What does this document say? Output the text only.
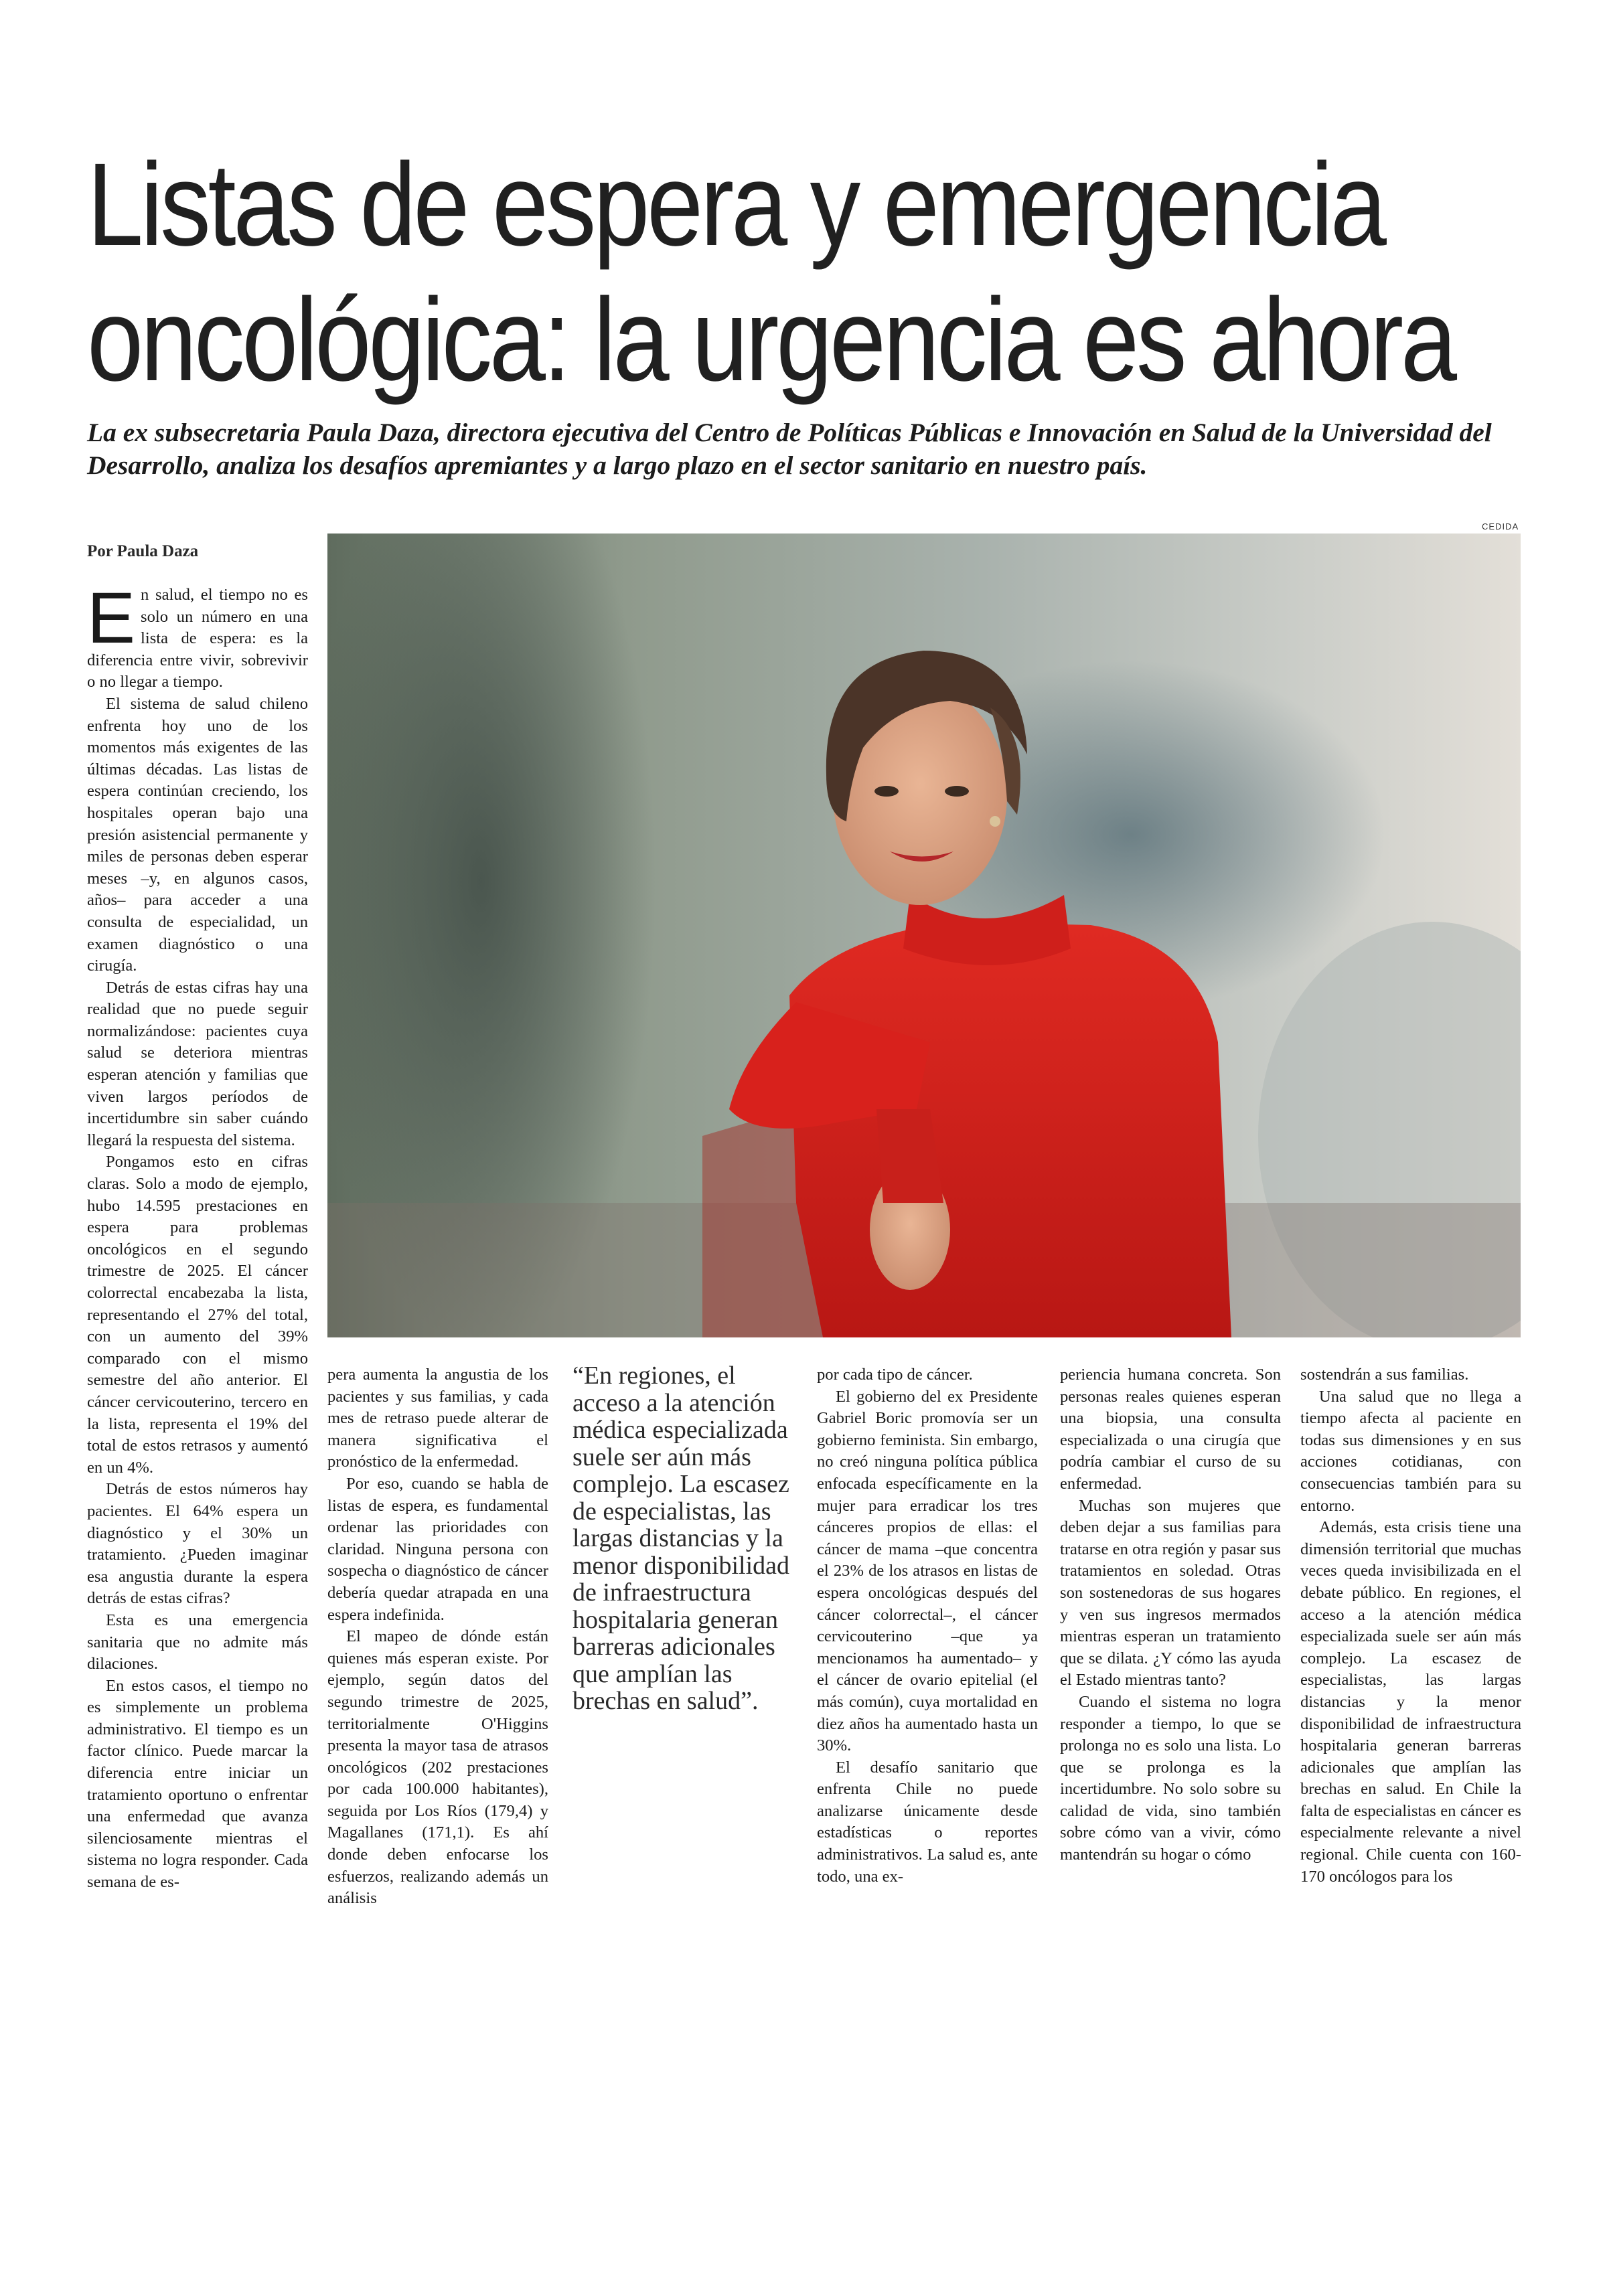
Listas de espera y emergencia
oncológica: la urgencia es ahora
La ex subsecretaria Paula Daza, directora ejecutiva del Centro de Políticas Públicas e Innovación en Salud de la Universidad del Desarrollo, analiza los desafíos apremiantes y a largo plazo en el sector sanitario en nuestro país.
CEDIDA
Por Paula Daza

En salud, el tiempo no es solo un número en una lista de espera: es la diferencia entre vivir, sobrevivir o no llegar a tiempo.

El sistema de salud chileno enfrenta hoy uno de los momentos más exigentes de las últimas décadas. Las listas de espera continúan creciendo, los hospitales operan bajo una presión asistencial permanente y miles de personas deben esperar meses –y, en algunos casos, años– para acceder a una consulta de especialidad, un examen diagnóstico o una cirugía.

Detrás de estas cifras hay una realidad que no puede seguir normalizándose: pacientes cuya salud se deteriora mientras esperan atención y familias que viven largos períodos de incertidumbre sin saber cuándo llegará la respuesta del sistema.

Pongamos esto en cifras claras. Solo a modo de ejemplo, hubo 14.595 prestaciones en espera para problemas oncológicos en el segundo trimestre de 2025. El cáncer colorrectal encabezaba la lista, representando el 27% del total, con un aumento del 39% comparado con el mismo semestre del año anterior. El cáncer cervicouterino, tercero en la lista, representa el 19% del total de estos retrasos y aumentó en un 4%.

Detrás de estos números hay pacientes. El 64% espera un diagnóstico y el 30% un tratamiento. ¿Pueden imaginar esa angustia durante la espera detrás de estas cifras?

Esta es una emergencia sanitaria que no admite más dilaciones.

En estos casos, el tiempo no es simplemente un problema administrativo. El tiempo es un factor clínico. Puede marcar la diferencia entre iniciar un tratamiento oportuno o enfrentar una enfermedad que avanza silenciosamente mientras el sistema no logra responder. Cada semana de es-

pera aumenta la angustia de los pacientes y sus familias, y cada mes de retraso puede alterar de manera significativa el pronóstico de la enfermedad.

Por eso, cuando se habla de listas de espera, es fundamental ordenar las prioridades con claridad. Ninguna persona con sospecha o diagnóstico de cáncer debería quedar atrapada en una espera indefinida.

El mapeo de dónde están quienes más esperan existe. Por ejemplo, según datos del segundo trimestre de 2025, territorialmente O'Higgins presenta la mayor tasa de atrasos oncológicos (202 prestaciones por cada 100.000 habitantes), seguida por Los Ríos (179,4) y Magallanes (171,1). Es ahí donde deben enfocarse los esfuerzos, realizando además un análisis

“En regiones, el acceso a la atención médica especializada suele ser aún más complejo. La escasez de especialistas, las largas distancias y la menor disponibilidad de infraestructura hospitalaria generan barreras adicionales que amplían las brechas en salud”.

por cada tipo de cáncer.

El gobierno del ex Presidente Gabriel Boric promovía ser un gobierno feminista. Sin embargo, no creó ninguna política pública enfocada específicamente en la mujer para erradicar los tres cánceres propios de ellas: el cáncer de mama –que concentra el 23% de los atrasos en listas de espera oncológicas después del cáncer colorrectal–, el cáncer cervicouterino –que ya mencionamos ha aumentado– y el cáncer de ovario epitelial (el más común), cuya mortalidad en diez años ha aumentado hasta un 30%.

El desafío sanitario que enfrenta Chile no puede analizarse únicamente desde estadísticas o reportes administrativos. La salud es, ante todo, una ex-

periencia humana concreta. Son personas reales quienes esperan una biopsia, una consulta especializada o una cirugía que podría cambiar el curso de su enfermedad.

Muchas son mujeres que deben dejar a sus familias para tratarse en otra región y pasar sus tratamientos en soledad. Otras son sostenedoras de sus hogares y ven sus ingresos mermados mientras esperan un tratamiento que se dilata. ¿Y cómo las ayuda el Estado mientras tanto?

Cuando el sistema no logra responder a tiempo, lo que se prolonga no es solo una lista. Lo que se prolonga es la incertidumbre. No solo sobre su calidad de vida, sino también sobre cómo van a vivir, cómo mantendrán su hogar o cómo

sostendrán a sus familias.

Una salud que no llega a tiempo afecta al paciente en todas sus dimensiones y en sus acciones cotidianas, con consecuencias también para su entorno.

Además, esta crisis tiene una dimensión territorial que muchas veces queda invisibilizada en el debate público. En regiones, el acceso a la atención médica especializada suele ser aún más complejo. La escasez de especialistas, las largas distancias y la menor disponibilidad de infraestructura hospitalaria generan barreras adicionales que amplían las brechas en salud. En Chile la falta de especialistas en cáncer es especialmente relevante a nivel regional. Chile cuenta con 160-170 oncólogos para los
